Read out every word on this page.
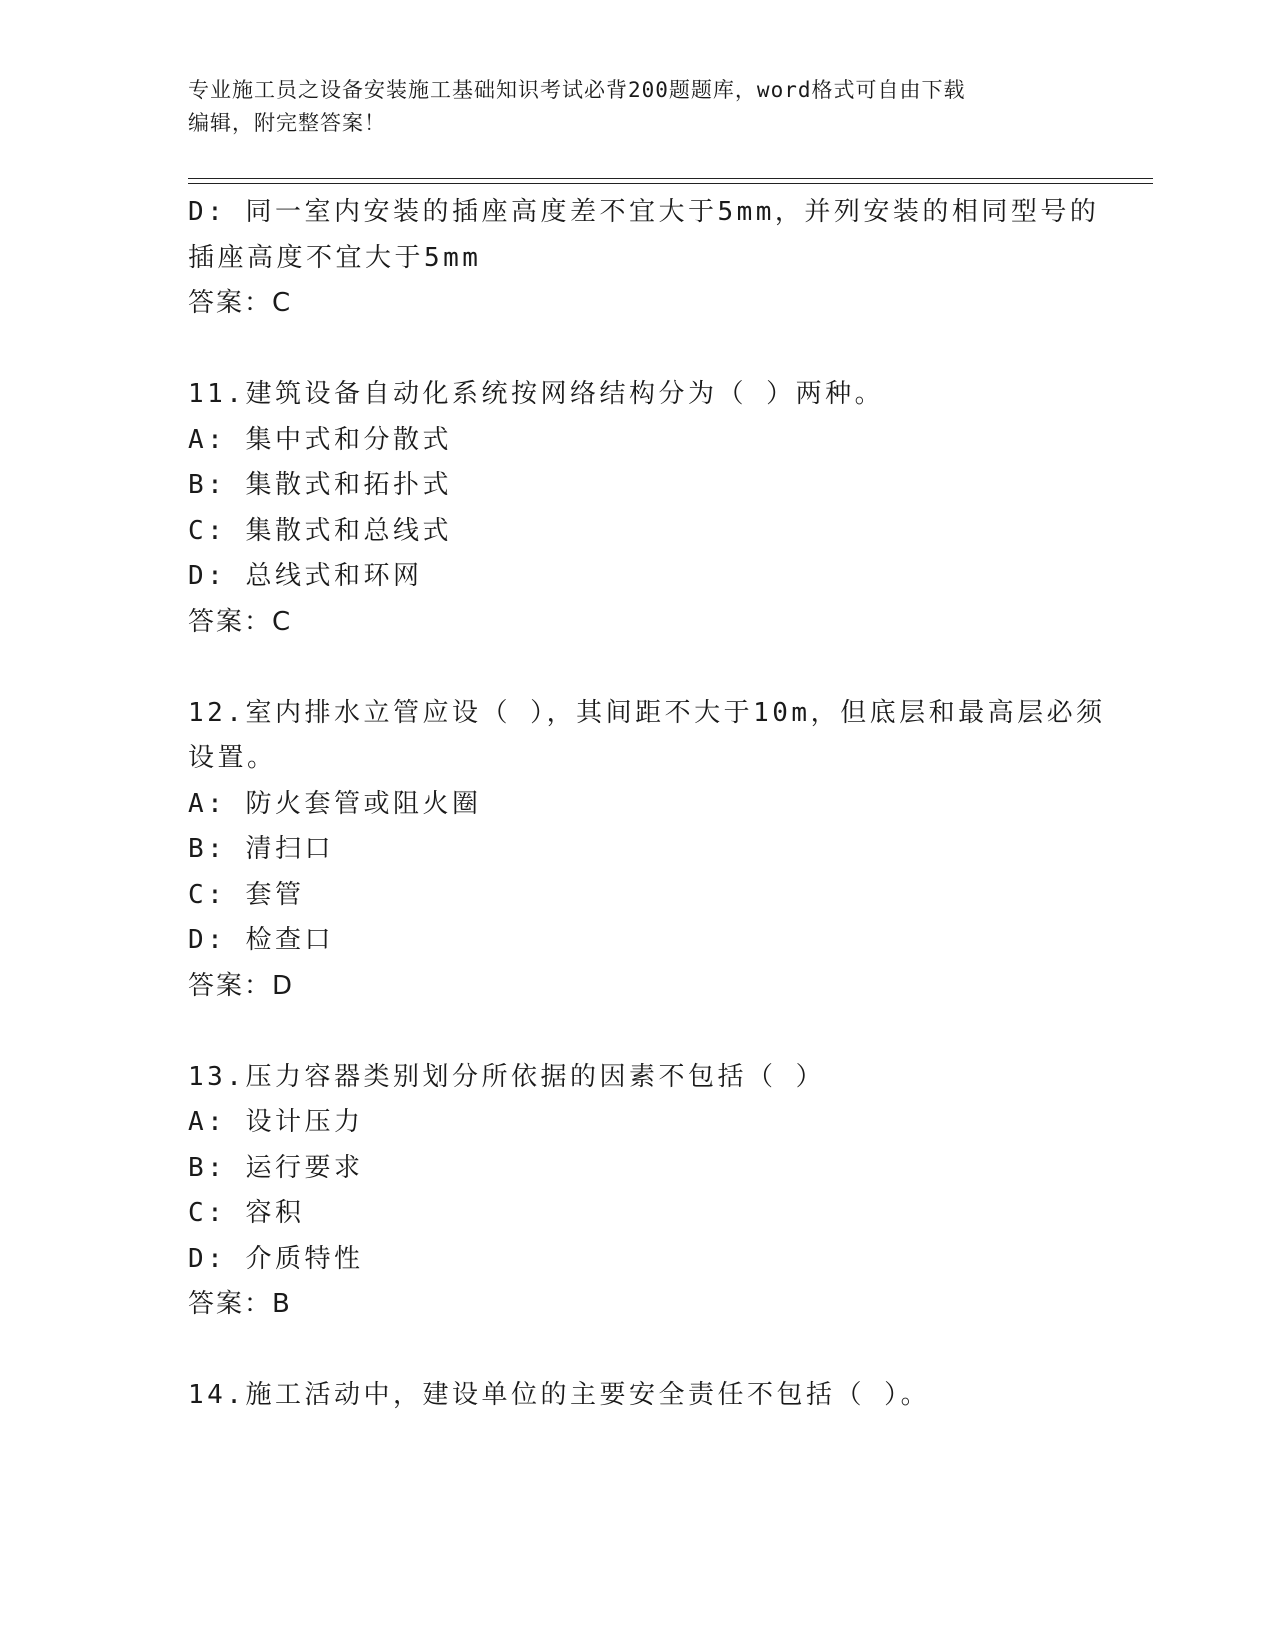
专业施工员之设备安装施工基础知识考试必背200题题库，word格式可自由下载
编辑，附完整答案！
D: 同一室内安装的插座高度差不宜大于5mm，并列安装的相同型号的
插座高度不宜大于5mm
答案：C
11.建筑设备自动化系统按网络结构分为（ ）两种。
A: 集中式和分散式
B: 集散式和拓扑式
C: 集散式和总线式
D: 总线式和环网
答案：C
12.室内排水立管应设（ ），其间距不大于10m，但底层和最高层必须
设置。
A: 防火套管或阻火圈
B: 清扫口
C: 套管
D: 检查口
答案：D
13.压力容器类别划分所依据的因素不包括（ ）
A: 设计压力
B: 运行要求
C: 容积
D: 介质特性
答案：B
14.施工活动中，建设单位的主要安全责任不包括（ ）。
